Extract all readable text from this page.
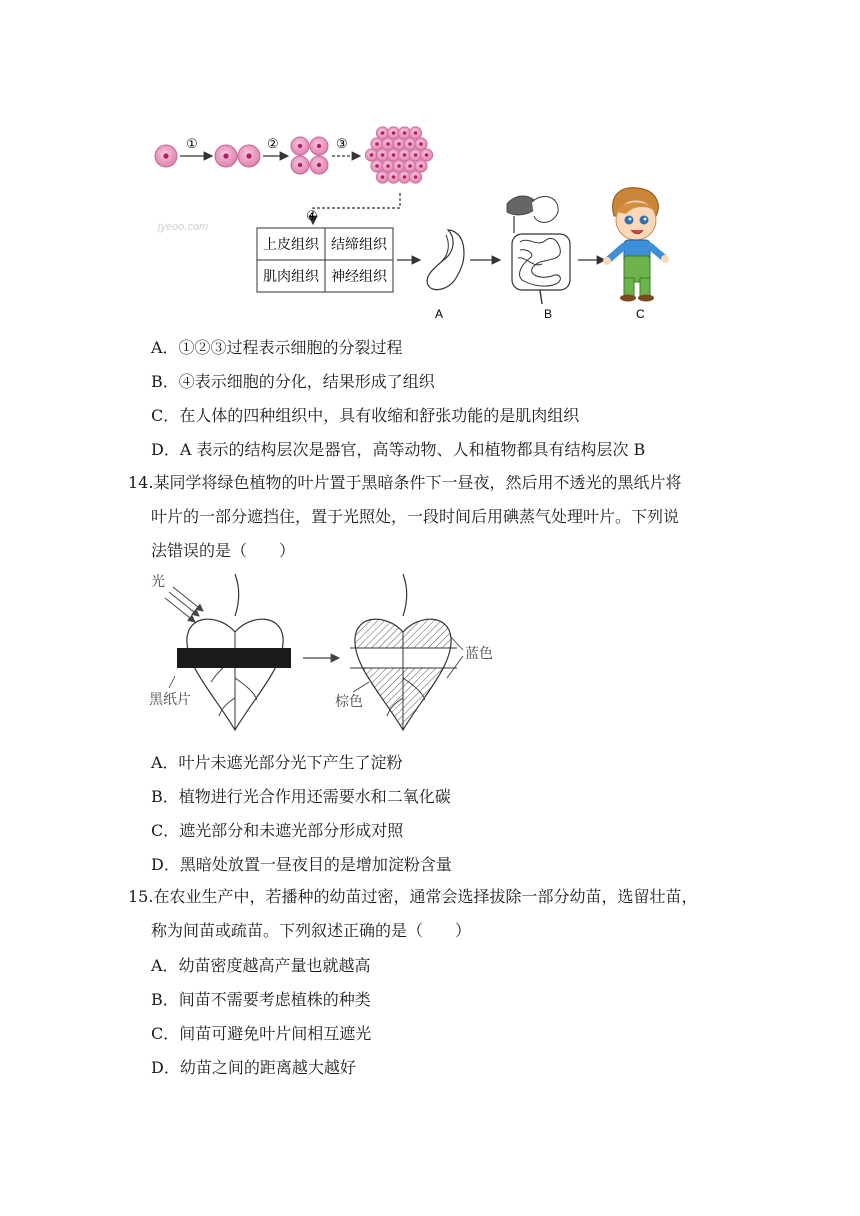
①	②	③
④
jyeoo.com
上皮组织 结缔组织
肌肉组织 神经组织
A	B	C
A．①②③过程表示细胞的分裂过程
B．④表示细胞的分化，结果形成了组织
C．在人体的四种组织中，具有收缩和舒张功能的是肌肉组织
D．A 表示的结构层次是器官，高等动物、人和植物都具有结构层次 B
14.某同学将绿色植物的叶片置于黑暗条件下一昼夜，然后用不透光的黑纸片将
叶片的一部分遮挡住，置于光照处，一段时间后用碘蒸气处理叶片。下列说
法错误的是（　　）
光
黑纸片
蓝色
棕色
A．叶片未遮光部分光下产生了淀粉
B．植物进行光合作用还需要水和二氧化碳
C．遮光部分和未遮光部分形成对照
D．黑暗处放置一昼夜目的是增加淀粉含量
15.在农业生产中，若播种的幼苗过密，通常会选择拔除一部分幼苗，选留壮苗，
称为间苗或疏苗。下列叙述正确的是（　　）
A．幼苗密度越高产量也就越高
B．间苗不需要考虑植株的种类
C．间苗可避免叶片间相互遮光
D．幼苗之间的距离越大越好
